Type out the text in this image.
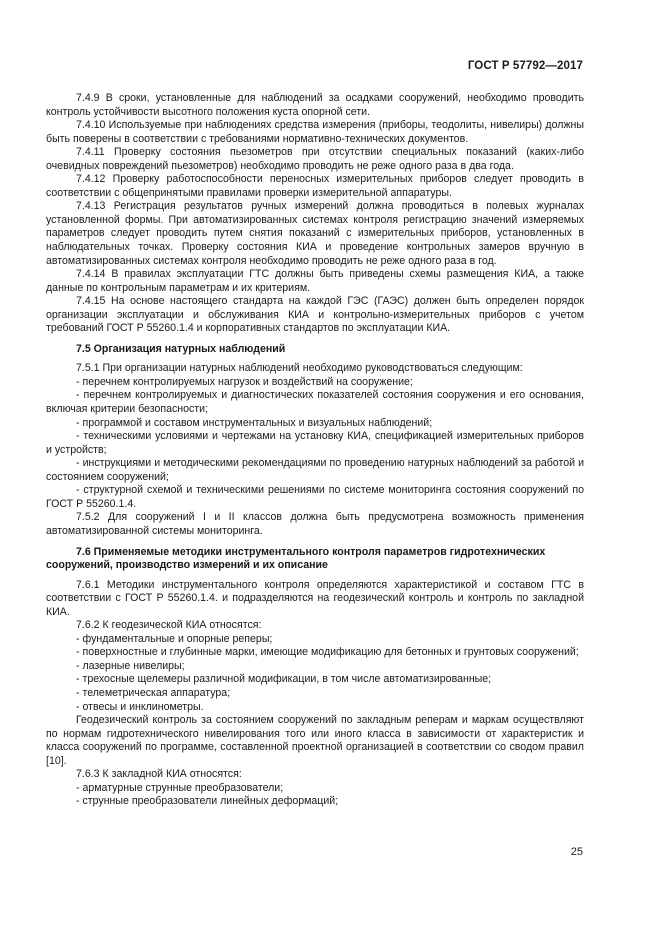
ГОСТ Р 57792—2017

7.4.9 В сроки, установленные для наблюдений за осадками сооружений, необходимо проводить контроль устойчивости высотного положения куста опорной сети.

7.4.10 Используемые при наблюдениях средства измерения (приборы, теодолиты, нивелиры) должны быть поверены в соответствии с требованиями нормативно-технических документов.

7.4.11 Проверку состояния пьезометров при отсутствии специальных показаний (каких-либо очевидных повреждений пьезометров) необходимо проводить не реже одного раза в два года.

7.4.12 Проверку работоспособности переносных измерительных приборов следует проводить в соответствии с общепринятыми правилами проверки измерительной аппаратуры.

7.4.13 Регистрация результатов ручных измерений должна проводиться в полевых журналах установленной формы. При автоматизированных системах контроля регистрацию значений измеряемых параметров следует проводить путем снятия показаний с измерительных приборов, установленных в наблюдательных точках. Проверку состояния КИА и проведение контрольных замеров вручную в автоматизированных системах контроля необходимо проводить не реже одного раза в год.

7.4.14 В правилах эксплуатации ГТС должны быть приведены схемы размещения КИА, а также данные по контрольным параметрам и их критериям.

7.4.15 На основе настоящего стандарта на каждой ГЭС (ГАЭС) должен быть определен порядок организации эксплуатации и обслуживания КИА и контрольно-измерительных приборов с учетом требований ГОСТ Р 55260.1.4 и корпоративных стандартов по эксплуатации КИА.

7.5 Организация натурных наблюдений

7.5.1 При организации натурных наблюдений необходимо руководствоваться следующим:

- перечнем контролируемых нагрузок и воздействий на сооружение;

- перечнем контролируемых и диагностических показателей состояния сооружения и его основания, включая критерии безопасности;

- программой и составом инструментальных и визуальных наблюдений;

- техническими условиями и чертежами на установку КИА, спецификацией измерительных приборов и устройств;

- инструкциями и методическими рекомендациями по проведению натурных наблюдений за работой и состоянием сооружений;

- структурной схемой и техническими решениями по системе мониторинга состояния сооружений по ГОСТ Р 55260.1.4.

7.5.2 Для сооружений I и II классов должна быть предусмотрена возможность применения автоматизированной системы мониторинга.

7.6 Применяемые методики инструментального контроля параметров гидротехнических сооружений, производство измерений и их описание

7.6.1 Методики инструментального контроля определяются характеристикой и составом ГТС в соответствии с ГОСТ Р 55260.1.4. и подразделяются на геодезический контроль и контроль по закладной КИА.

7.6.2 К геодезической КИА относятся:

- фундаментальные и опорные реперы;

- поверхностные и глубинные марки, имеющие модификацию для бетонных и грунтовых сооружений;

- лазерные нивелиры;

- трехосные щелемеры различной модификации, в том числе автоматизированные;

- телеметрическая аппаратура;

- отвесы и инклинометры.

Геодезический контроль за состоянием сооружений по закладным реперам и маркам осуществляют по нормам гидротехнического нивелирования того или иного класса в зависимости от характеристик и класса сооружений по программе, составленной проектной организацией в соответствии со сводом правил [10].

7.6.3 К закладной КИА относятся:

- арматурные струнные преобразователи;

- струнные преобразователи линейных деформаций;

25
